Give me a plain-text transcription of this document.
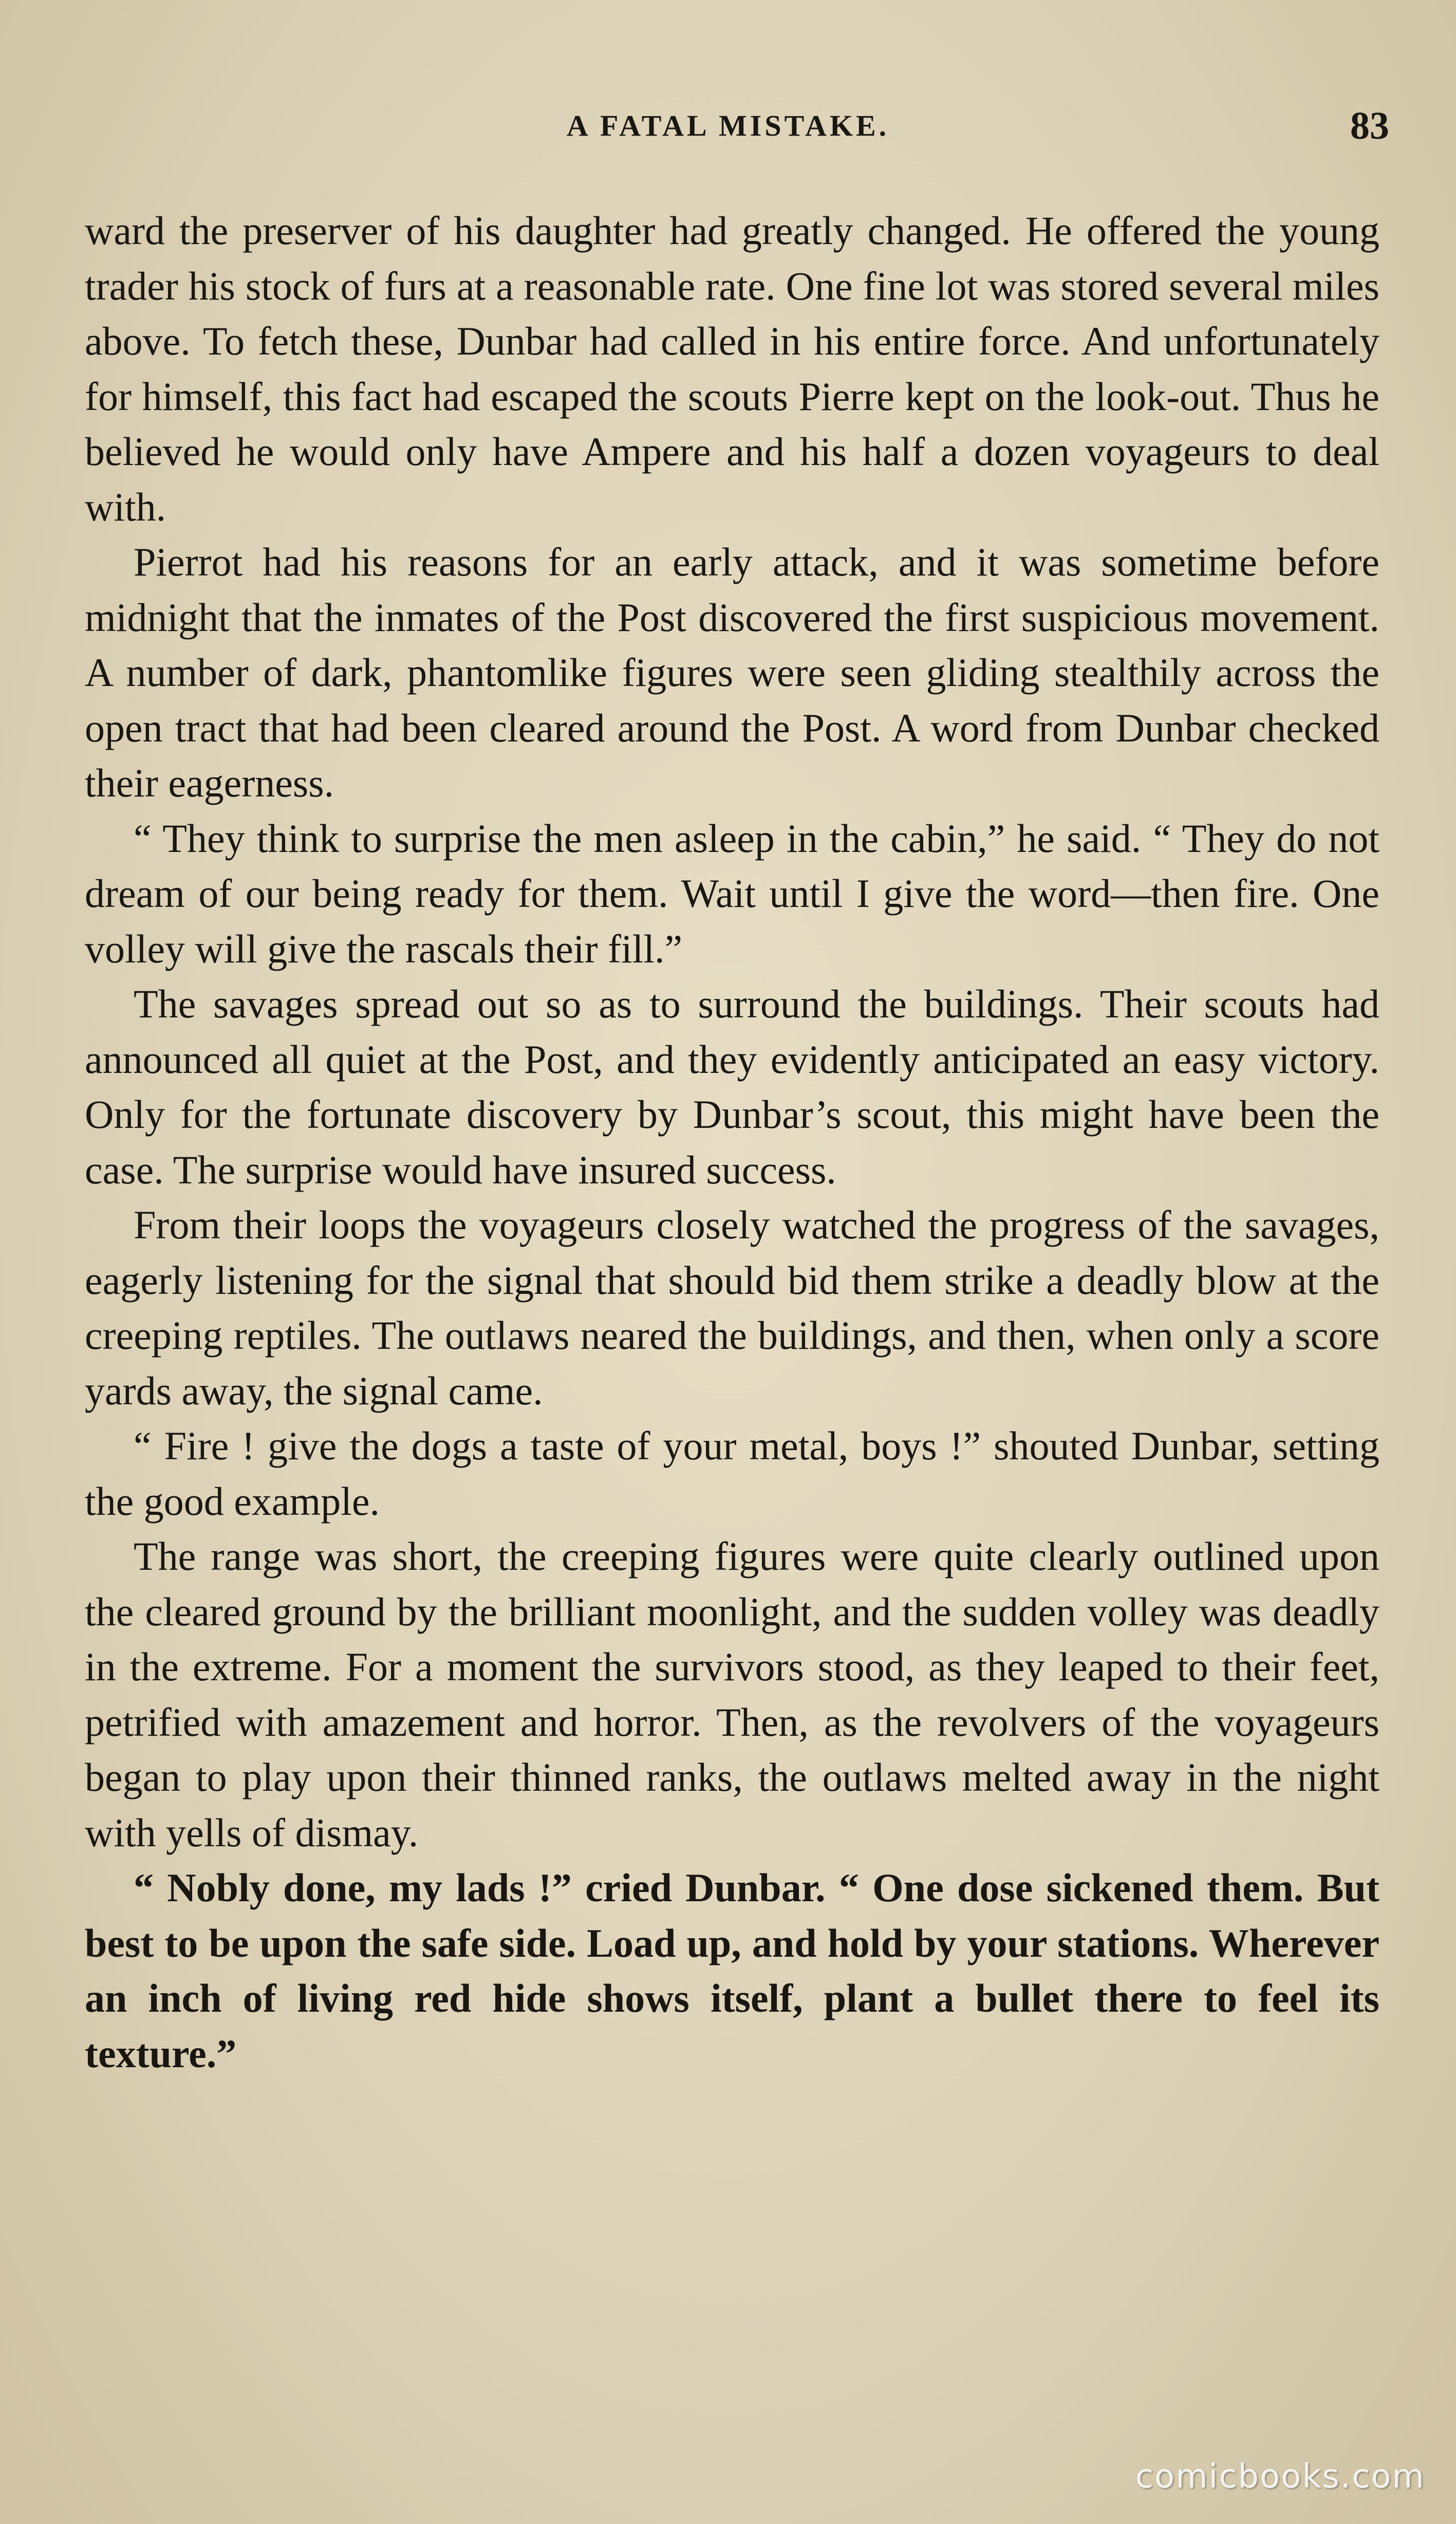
A FATAL MISTAKE.	83

ward the preserver of his daughter had greatly changed. He offered the young trader his stock of furs at a reasonable rate. One fine lot was stored several miles above. To fetch these, Dunbar had called in his entire force. And unfortunately for himself, this fact had escaped the scouts Pierre kept on the look-out. Thus he believed he would only have Ampere and his half a dozen voyageurs to deal with.

Pierrot had his reasons for an early attack, and it was sometime before midnight that the inmates of the Post discovered the first suspicious movement. A number of dark, phantomlike figures were seen gliding stealthily across the open tract that had been cleared around the Post. A word from Dunbar checked their eagerness.

“ They think to surprise the men asleep in the cabin,” he said. “ They do not dream of our being ready for them. Wait until I give the word—then fire. One volley will give the rascals their fill.”

The savages spread out so as to surround the buildings. Their scouts had announced all quiet at the Post, and they evidently anticipated an easy victory. Only for the fortunate discovery by Dunbar’s scout, this might have been the case. The surprise would have insured success.

From their loops the voyageurs closely watched the progress of the savages, eagerly listening for the signal that should bid them strike a deadly blow at the creeping reptiles. The outlaws neared the buildings, and then, when only a score yards away, the signal came.

“ Fire ! give the dogs a taste of your metal, boys !” shouted Dunbar, setting the good example.

The range was short, the creeping figures were quite clearly outlined upon the cleared ground by the brilliant moonlight, and the sudden volley was deadly in the extreme. For a moment the survivors stood, as they leaped to their feet, petrified with amazement and horror. Then, as the revolvers of the voyageurs began to play upon their thinned ranks, the outlaws melted away in the night with yells of dismay.

“ Nobly done, my lads !” cried Dunbar. “ One dose sickened them. But best to be upon the safe side. Load up, and hold by your stations. Wherever an inch of living red hide shows itself, plant a bullet there to feel its texture.”

comicbooks.com
